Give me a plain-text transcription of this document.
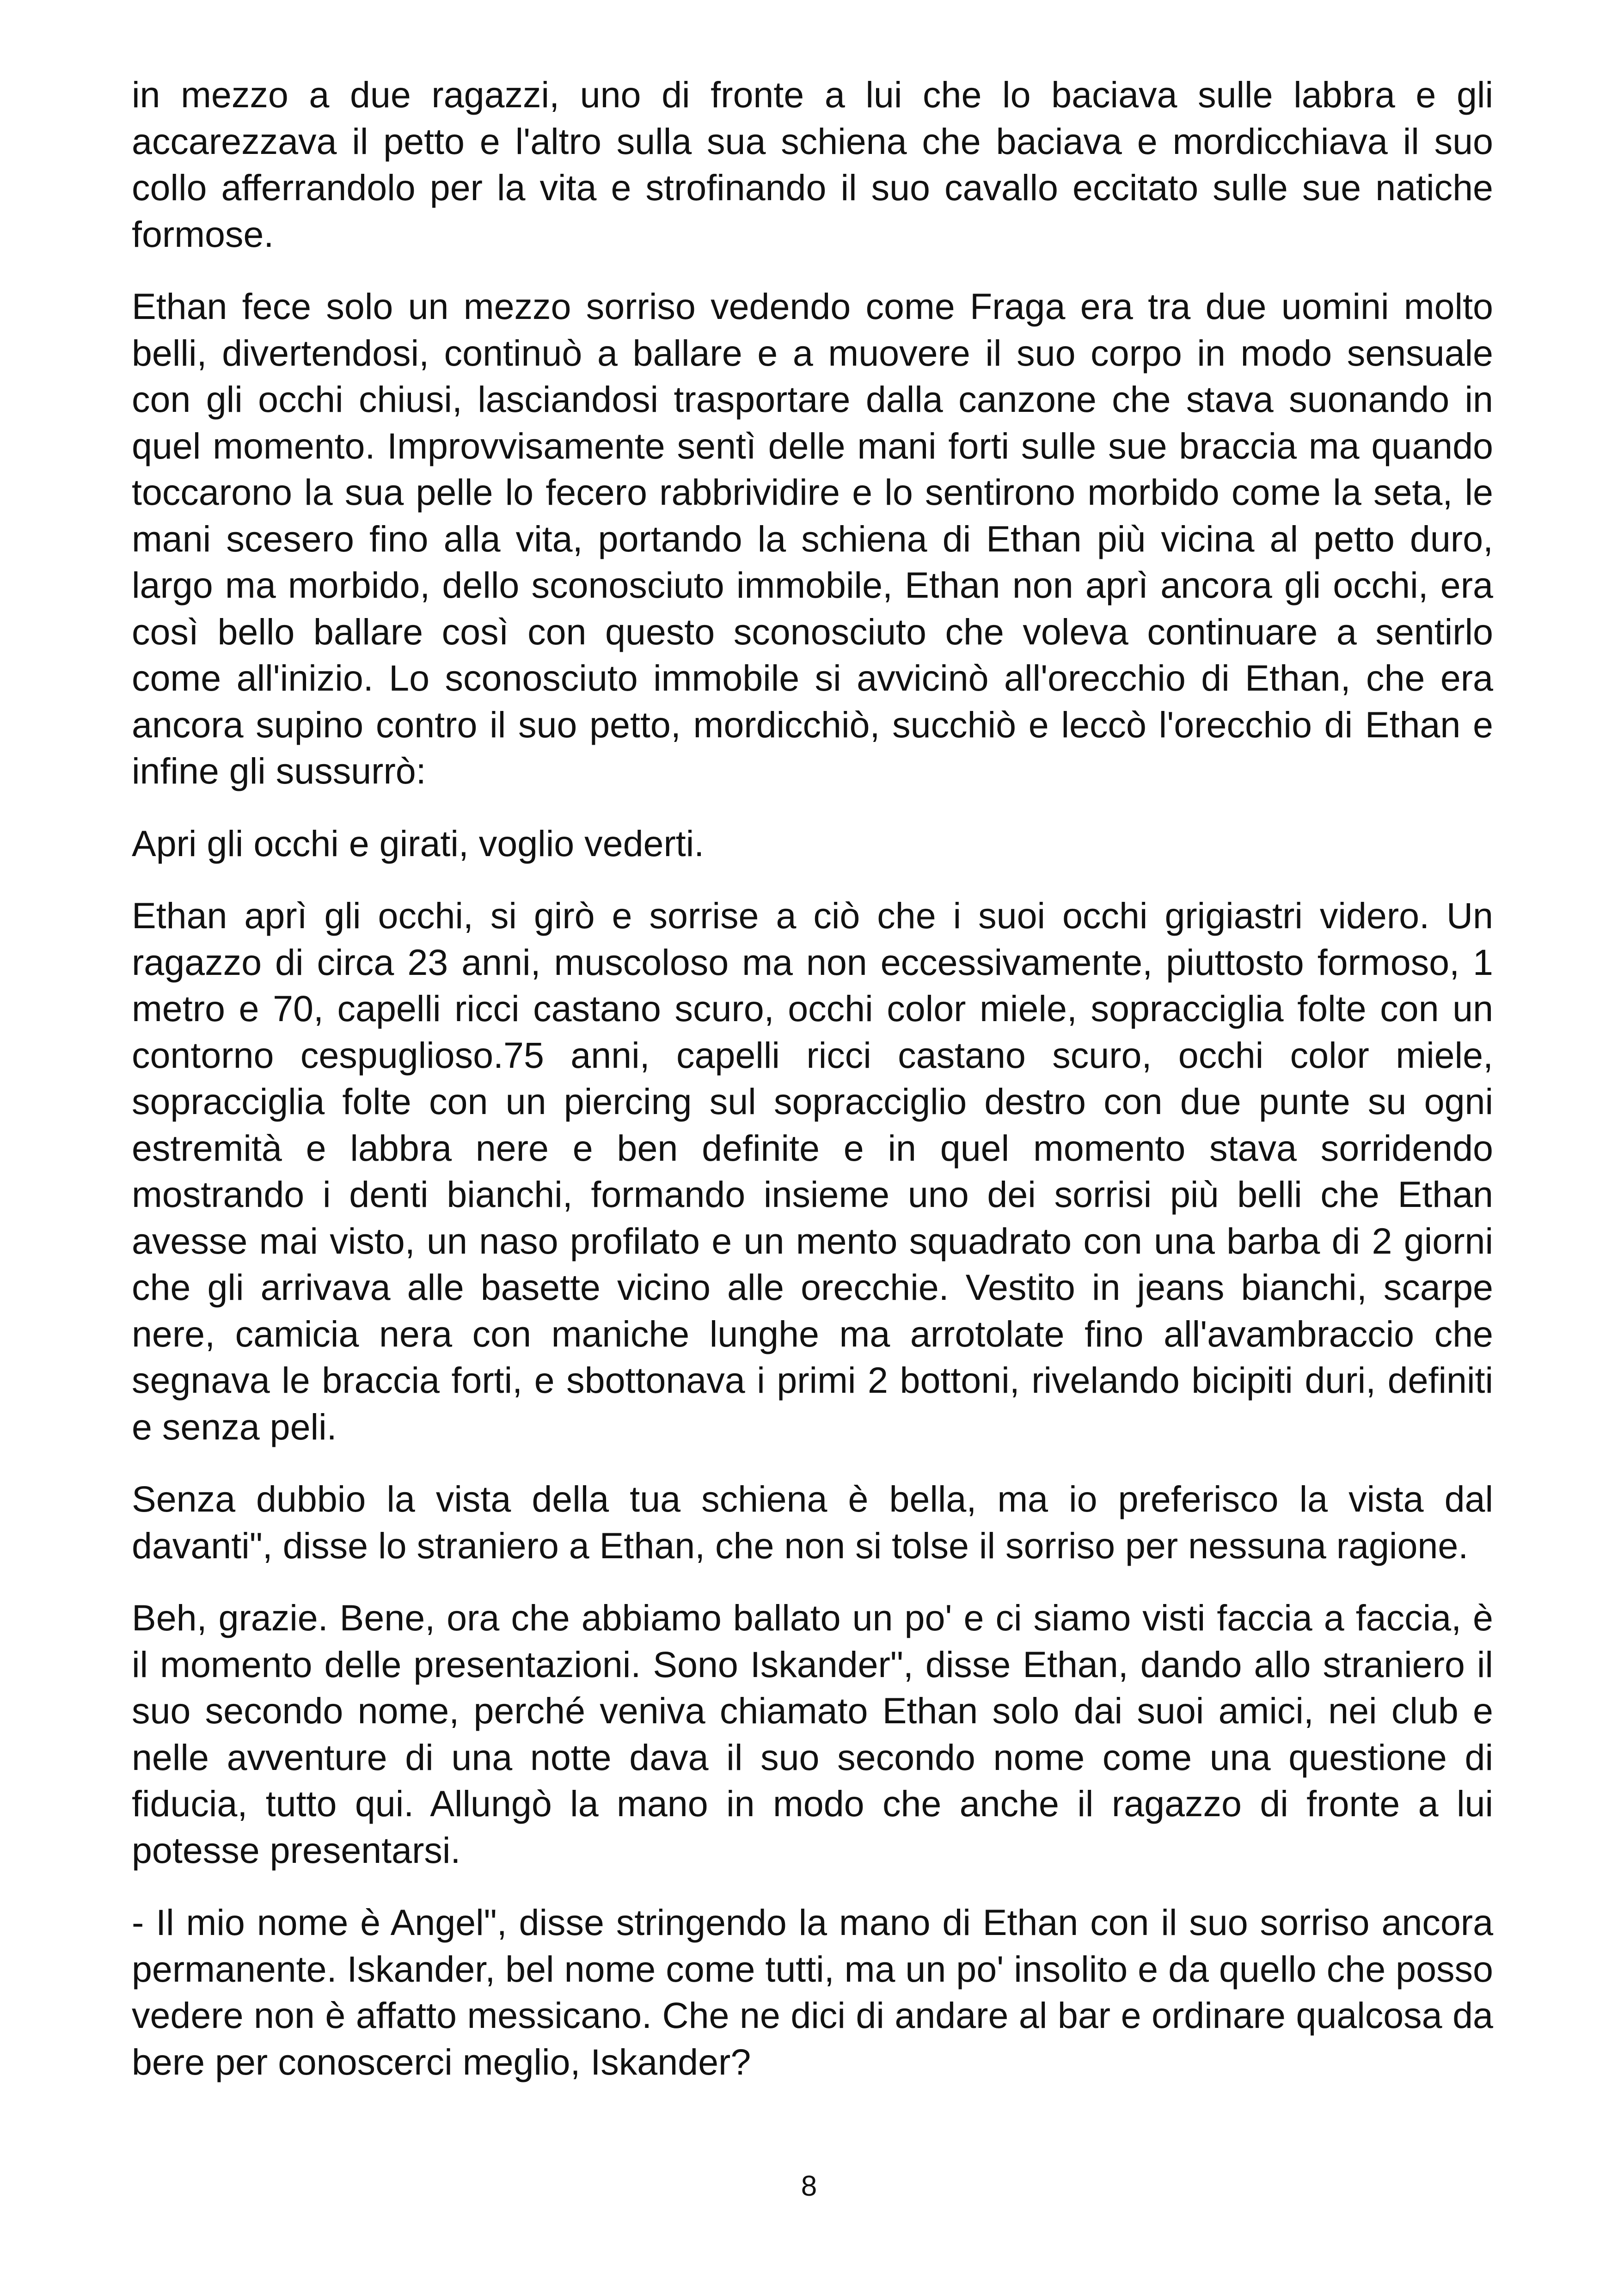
in mezzo a due ragazzi, uno di fronte a lui che lo baciava sulle labbra e gli accarezzava il petto e l'altro sulla sua schiena che baciava e mordicchiava il suo collo afferrandolo per la vita e strofinando il suo cavallo eccitato sulle sue natiche formose.

Ethan fece solo un mezzo sorriso vedendo come Fraga era tra due uomini molto belli, divertendosi, continuò a ballare e a muovere il suo corpo in modo sensuale con gli occhi chiusi, lasciandosi trasportare dalla canzone che stava suonando in quel momento. Improvvisamente sentì delle mani forti sulle sue braccia ma quando toccarono la sua pelle lo fecero rabbrividire e lo sentirono morbido come la seta, le mani scesero fino alla vita, portando la schiena di Ethan più vicina al petto duro, largo ma morbido, dello sconosciuto immobile, Ethan non aprì ancora gli occhi, era così bello ballare così con questo sconosciuto che voleva continuare a sentirlo come all'inizio. Lo sconosciuto immobile si avvicinò all'orecchio di Ethan, che era ancora supino contro il suo petto, mordicchiò, succhiò e leccò l'orecchio di Ethan e infine gli sussurrò:

Apri gli occhi e girati, voglio vederti.

Ethan aprì gli occhi, si girò e sorrise a ciò che i suoi occhi grigiastri videro. Un ragazzo di circa 23 anni, muscoloso ma non eccessivamente, piuttosto formoso, 1 metro e 70, capelli ricci castano scuro, occhi color miele, sopracciglia folte con un contorno cespuglioso.75 anni, capelli ricci castano scuro, occhi color miele, sopracciglia folte con un piercing sul sopracciglio destro con due punte su ogni estremità e labbra nere e ben definite e in quel momento stava sorridendo mostrando i denti bianchi, formando insieme uno dei sorrisi più belli che Ethan avesse mai visto, un naso profilato e un mento squadrato con una barba di 2 giorni che gli arrivava alle basette vicino alle orecchie. Vestito in jeans bianchi, scarpe nere, camicia nera con maniche lunghe ma arrotolate fino all'avambraccio che segnava le braccia forti, e sbottonava i primi 2 bottoni, rivelando bicipiti duri, definiti e senza peli.

Senza dubbio la vista della tua schiena è bella, ma io preferisco la vista dal davanti", disse lo straniero a Ethan, che non si tolse il sorriso per nessuna ragione.

Beh, grazie. Bene, ora che abbiamo ballato un po' e ci siamo visti faccia a faccia, è il momento delle presentazioni. Sono Iskander", disse Ethan, dando allo straniero il suo secondo nome, perché veniva chiamato Ethan solo dai suoi amici, nei club e nelle avventure di una notte dava il suo secondo nome come una questione di fiducia, tutto qui. Allungò la mano in modo che anche il ragazzo di fronte a lui potesse presentarsi.

- Il mio nome è Angel", disse stringendo la mano di Ethan con il suo sorriso ancora permanente. Iskander, bel nome come tutti, ma un po' insolito e da quello che posso vedere non è affatto messicano. Che ne dici di andare al bar e ordinare qualcosa da bere per conoscerci meglio, Iskander?

8
